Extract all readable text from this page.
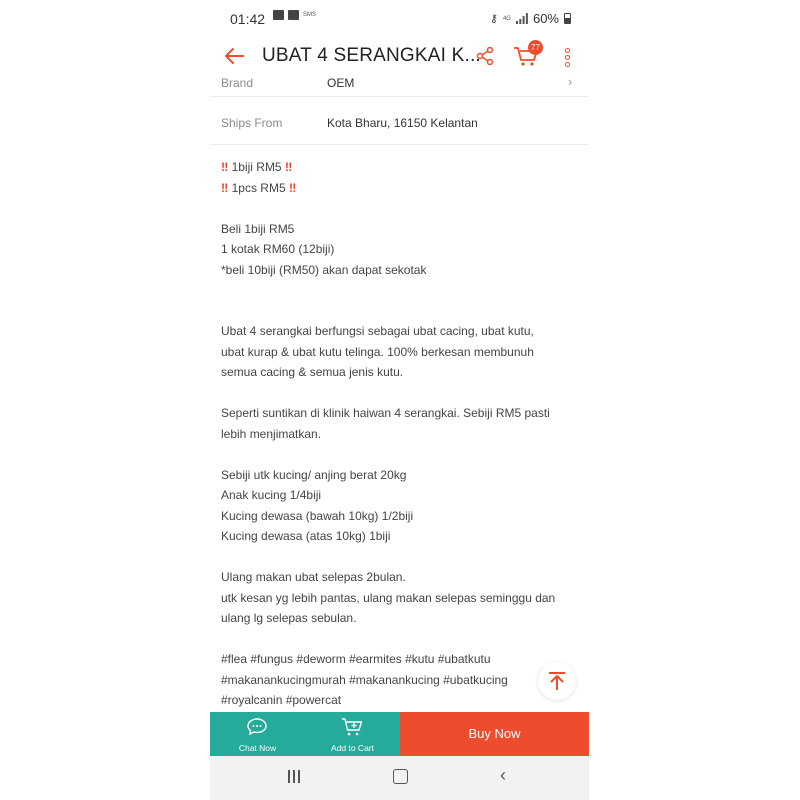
01:42	SMS	⚷ 4G 60%
UBAT 4 SERANGKAI K...	77
Brand	OEM	›
Ships From	Kota Bharu, 16150 Kelantan

‼ 1biji RM5 ‼

‼ 1pcs RM5 ‼

Beli 1biji RM5

1 kotak RM60 (12biji)

*beli 10biji (RM50) akan dapat sekotak

Ubat 4 serangkai berfungsi sebagai ubat cacing, ubat kutu,

ubat kurap & ubat kutu telinga. 100% berkesan membunuh

semua cacing & semua jenis kutu.

Seperti suntikan di klinik haiwan 4 serangkai. Sebiji RM5 pasti

lebih menjimatkan.

Sebiji utk kucing/ anjing berat 20kg

Anak kucing 1/4biji

Kucing dewasa (bawah 10kg) 1/2biji

Kucing dewasa (atas 10kg) 1biji

Ulang makan ubat selepas 2bulan.

utk kesan yg lebih pantas, ulang makan selepas seminggu dan

ulang lg selepas sebulan.

#flea #fungus #deworm #earmites #kutu #ubatkutu

#makanankucingmurah #makanankucing #ubatkucing

#royalcanin #powercat

Chat Now	Add to Cart
Buy Now
‹
